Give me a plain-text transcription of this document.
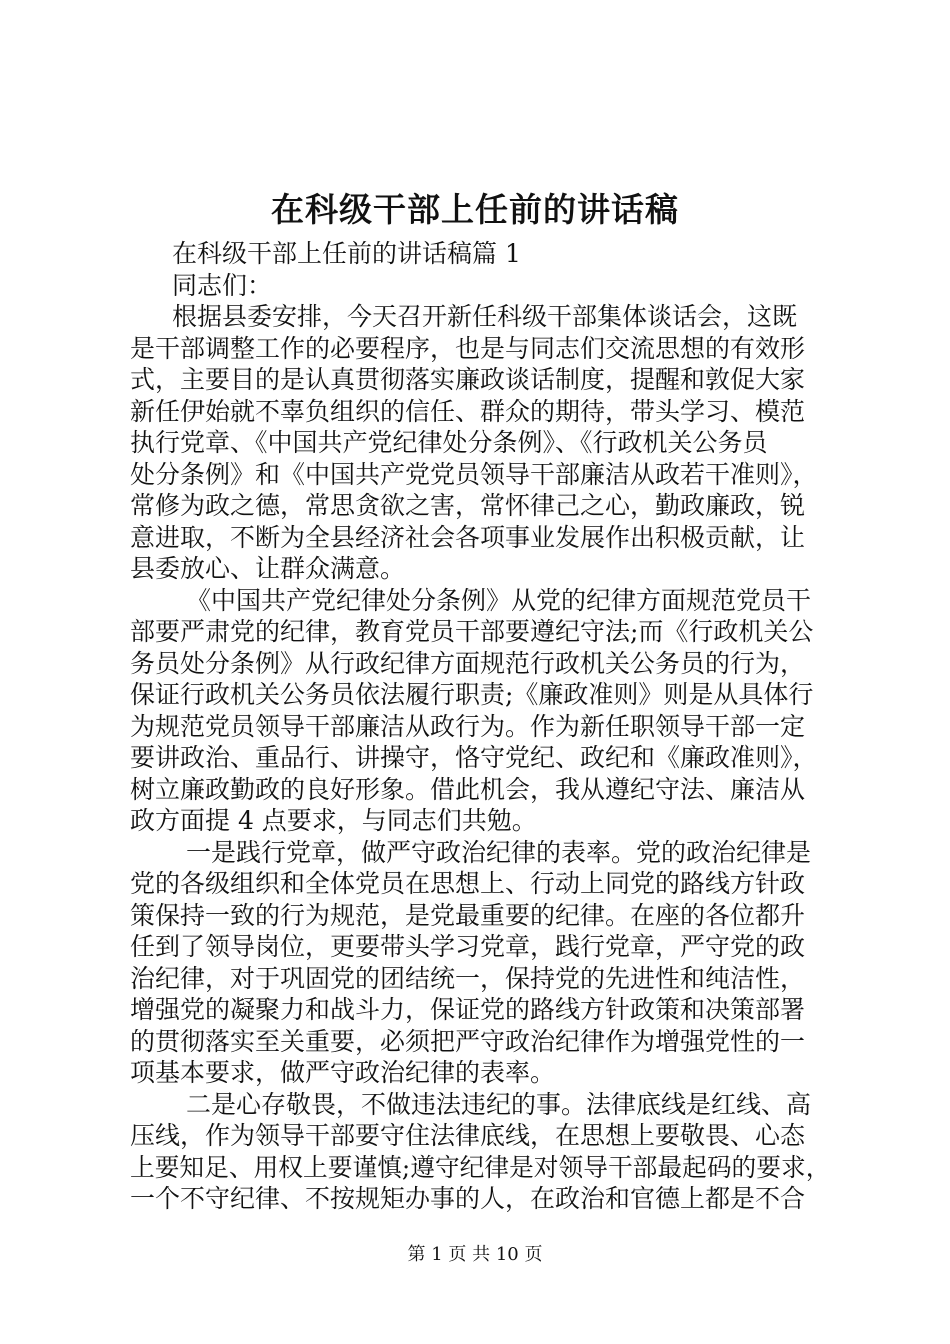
在科级干部上任前的讲话稿
在科级干部上任前的讲话稿篇 1
同志们：
根据县委安排，今天召开新任科级干部集体谈话会，这既
是干部调整工作的必要程序，也是与同志们交流思想的有效形
式，主要目的是认真贯彻落实廉政谈话制度，提醒和敦促大家
新任伊始就不辜负组织的信任、群众的期待，带头学习、模范
执行党章、《中国共产党纪律处分条例》、《行政机关公务员
处分条例》和《中国共产党党员领导干部廉洁从政若干准则》，
常修为政之德，常思贪欲之害，常怀律己之心，勤政廉政，锐
意进取，不断为全县经济社会各项事业发展作出积极贡献，让
县委放心、让群众满意。
《中国共产党纪律处分条例》从党的纪律方面规范党员干
部要严肃党的纪律，教育党员干部要遵纪守法;而《行政机关公
务员处分条例》从行政纪律方面规范行政机关公务员的行为，
保证行政机关公务员依法履行职责;《廉政准则》则是从具体行
为规范党员领导干部廉洁从政行为。作为新任职领导干部一定
要讲政治、重品行、讲操守，恪守党纪、政纪和《廉政准则》，
树立廉政勤政的良好形象。借此机会，我从遵纪守法、廉洁从
政方面提 4 点要求，与同志们共勉。
一是践行党章，做严守政治纪律的表率。党的政治纪律是
党的各级组织和全体党员在思想上、行动上同党的路线方针政
策保持一致的行为规范，是党最重要的纪律。在座的各位都升
任到了领导岗位，更要带头学习党章，践行党章，严守党的政
治纪律，对于巩固党的团结统一，保持党的先进性和纯洁性，
增强党的凝聚力和战斗力，保证党的路线方针政策和决策部署
的贯彻落实至关重要，必须把严守政治纪律作为增强党性的一
项基本要求，做严守政治纪律的表率。
二是心存敬畏，不做违法违纪的事。法律底线是红线、高
压线，作为领导干部要守住法律底线，在思想上要敬畏、心态
上要知足、用权上要谨慎;遵守纪律是对领导干部最起码的要求，
一个不守纪律、不按规矩办事的人，在政治和官德上都是不合
第 1 页 共 10 页
